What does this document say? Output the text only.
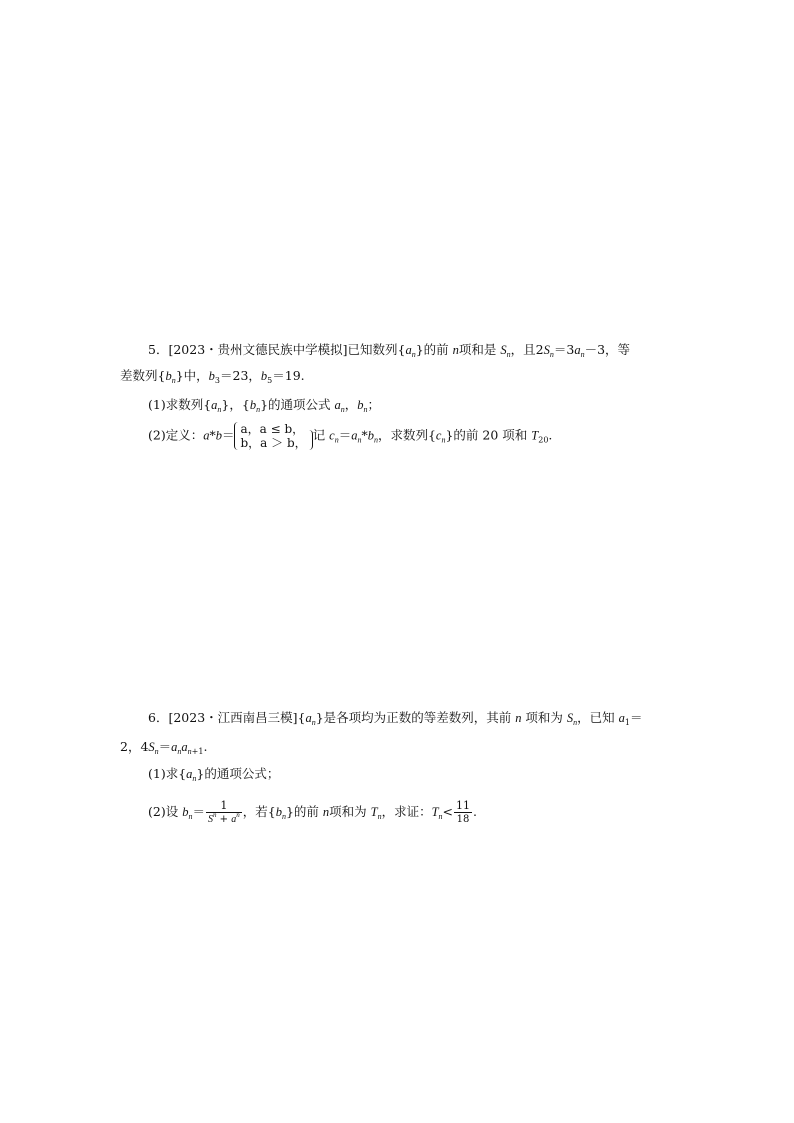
5．[2023・贵州文德民族中学模拟]已知数列$\{a_n\}$的前 n项和是 $S_n$，且$2S_n=3a_n-3$，等
差数列$\{b_n\}$中，$b_3=23$，$b_5=19$.
(1)求数列$\{a_n\}$，$\{b_n\}$的通项公式 $a_n$，$b_n$；
(2)定义：a*b＝ a，a ≤ b，
b，a ＞ b，
记 $c_n=a_n*b_n$，求数列$\{c_n\}$的前 20 项和 $T_{20}$.
6．[2023・江西南昌三模]$\{a_n\}$是各项均为正数的等差数列，其前 n 项和为 $S_n$，已知 $a_1=$
2，$4S_n=a_na_{n+1}$.
(1)求$\{a_n\}$的通项公式；
(2)设 $b_n= \frac{1}{S^n + a^n}$ ，若$\{b_n\}$的前 n项和为 $T_n$，求证：$T_n< \frac{11}{18}$ .
